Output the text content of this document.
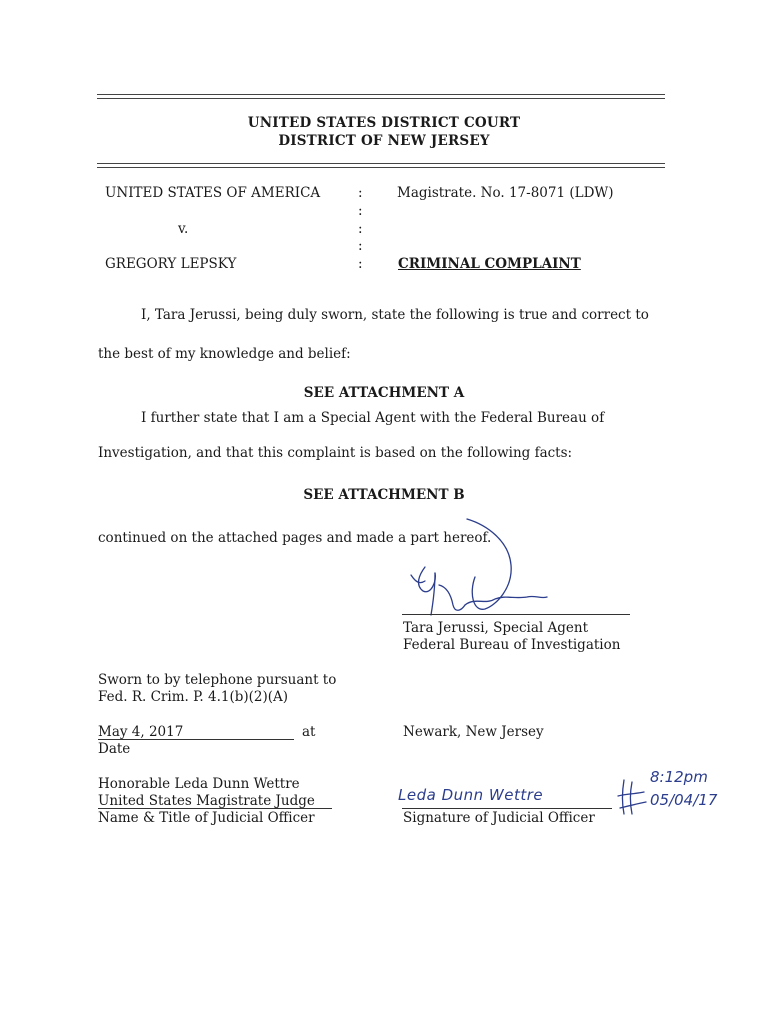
UNITED STATES DISTRICT COURT
DISTRICT OF NEW JERSEY
UNITED STATES OF AMERICA
v.
GREGORY LEPSKY
:
:
:
:
:
Magistrate. No. 17-8071 (LDW)
CRIMINAL COMPLAINT
I, Tara Jerussi, being duly sworn, state the following is true and correct to
the best of my knowledge and belief:
SEE ATTACHMENT A
I further state that I am a Special Agent with the Federal Bureau of
Investigation, and that this complaint is based on the following facts:
SEE ATTACHMENT B
continued on the attached pages and made a part hereof.
Tara Jerussi, Special Agent
Federal Bureau of Investigation
Sworn to by telephone pursuant to
Fed. R. Crim. P. 4.1(b)(2)(A)
May 4, 2017	at
Date
Newark, New Jersey
Honorable Leda Dunn Wettre
United States Magistrate Judge
Name & Title of Judicial Officer
Leda Dunn Wettre
8:12pm
05/04/17
Signature of Judicial Officer
